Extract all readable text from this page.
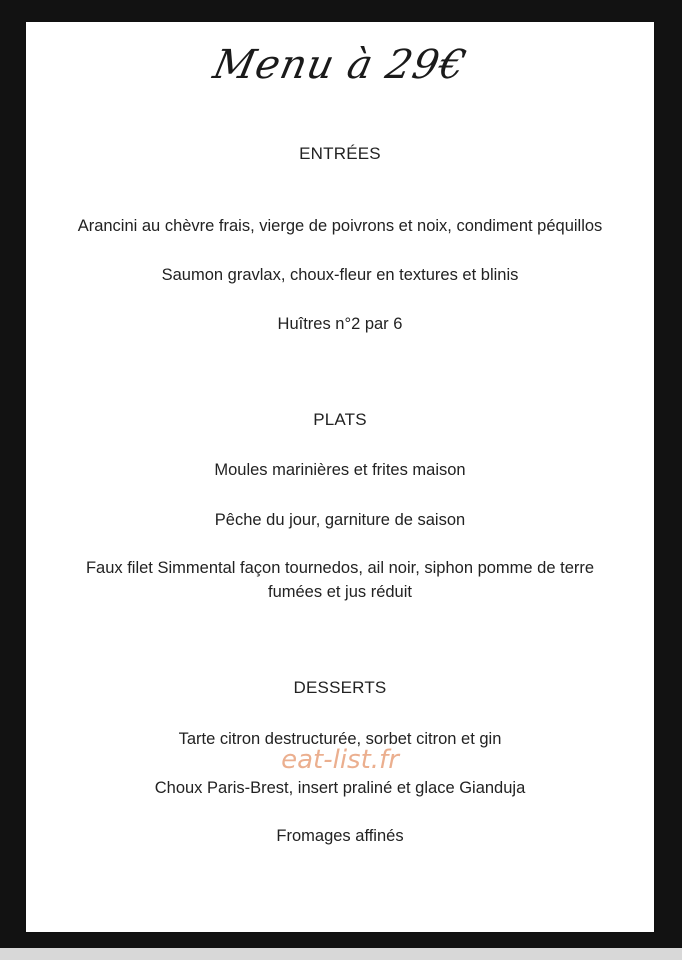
Menu à 29€
ENTRÉES
Arancini au chèvre frais, vierge de poivrons et noix, condiment péquillos
Saumon gravlax, choux-fleur en textures et blinis
Huîtres n°2 par 6
PLATS
Moules marinières et frites maison
Pêche du jour, garniture de saison
Faux filet Simmental façon tournedos, ail noir, siphon pomme de terre fumées et jus réduit
DESSERTS
Tarte citron destructurée, sorbet citron et gin
Choux Paris-Brest, insert praliné et glace Gianduja
Fromages affinés
eat-list.fr
